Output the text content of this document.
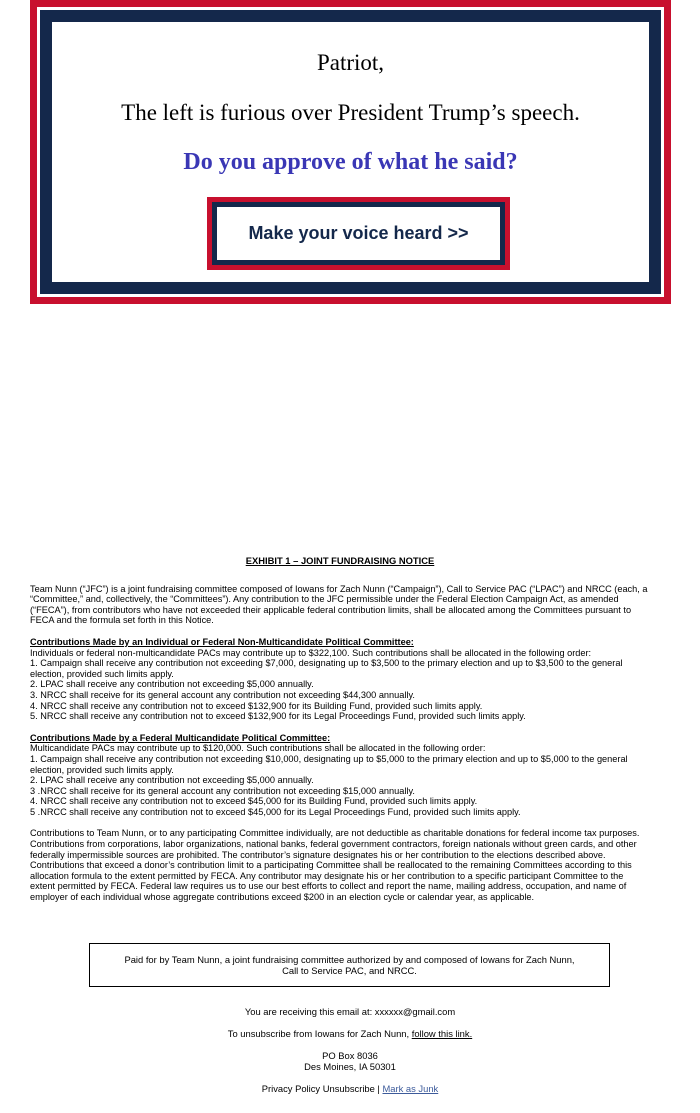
Patriot,
The left is furious over President Trump’s speech.
Do you approve of what he said?
Make your voice heard >>
EXHIBIT 1 – JOINT FUNDRAISING NOTICE

Team Nunn (“JFC”) is a joint fundraising committee composed of Iowans for Zach Nunn (“Campaign”), Call to Service PAC (“LPAC”) and NRCC (each, a “Committee,” and, collectively, the “Committees”). Any contribution to the JFC permissible under the Federal Election Campaign Act, as amended (“FECA”), from contributors who have not exceeded their applicable federal contribution limits, shall be allocated among the Committees pursuant to FECA and the formula set forth in this Notice.

Contributions Made by an Individual or Federal Non-Multicandidate Political Committee:
Individuals or federal non-multicandidate PACs may contribute up to $322,100. Such contributions shall be allocated in the following order:
1. Campaign shall receive any contribution not exceeding $7,000, designating up to $3,500 to the primary election and up to $3,500 to the general election, provided such limits apply.
2. LPAC shall receive any contribution not exceeding $5,000 annually.
3. NRCC shall receive for its general account any contribution not exceeding $44,300 annually.
4. NRCC shall receive any contribution not to exceed $132,900 for its Building Fund, provided such limits apply.
5. NRCC shall receive any contribution not to exceed $132,900 for its Legal Proceedings Fund, provided such limits apply.
Contributions Made by a Federal Multicandidate Political Committee:
Multicandidate PACs may contribute up to $120,000. Such contributions shall be allocated in the following order:
1. Campaign shall receive any contribution not exceeding $10,000, designating up to $5,000 to the primary election and up to $5,000 to the general election, provided such limits apply.
2. LPAC shall receive any contribution not exceeding $5,000 annually.
3 .NRCC shall receive for its general account any contribution not exceeding $15,000 annually.
4. NRCC shall receive any contribution not to exceed $45,000 for its Building Fund, provided such limits apply.
5 .NRCC shall receive any contribution not to exceed $45,000 for its Legal Proceedings Fund, provided such limits apply.

Contributions to Team Nunn, or to any participating Committee individually, are not deductible as charitable donations for federal income tax purposes. Contributions from corporations, labor organizations, national banks, federal government contractors, foreign nationals without green cards, and other federally impermissible sources are prohibited. The contributor’s signature designates his or her contribution to the elections described above. Contributions that exceed a donor’s contribution limit to a participating Committee shall be reallocated to the remaining Committees according to this allocation formula to the extent permitted by FECA. Any contributor may designate his or her contribution to a specific participant Committee to the extent permitted by FECA. Federal law requires us to use our best efforts to collect and report the name, mailing address, occupation, and name of employer of each individual whose aggregate contributions exceed $200 in an election cycle or calendar year, as applicable.

Paid for by Team Nunn, a joint fundraising committee authorized by and composed of Iowans for Zach Nunn,
Call to Service PAC, and NRCC.
You are receiving this email at: xxxxxx@gmail.com
To unsubscribe from Iowans for Zach Nunn, follow this link.
PO Box 8036
Des Moines, IA 50301
Privacy Policy Unsubscribe | Mark as Junk
